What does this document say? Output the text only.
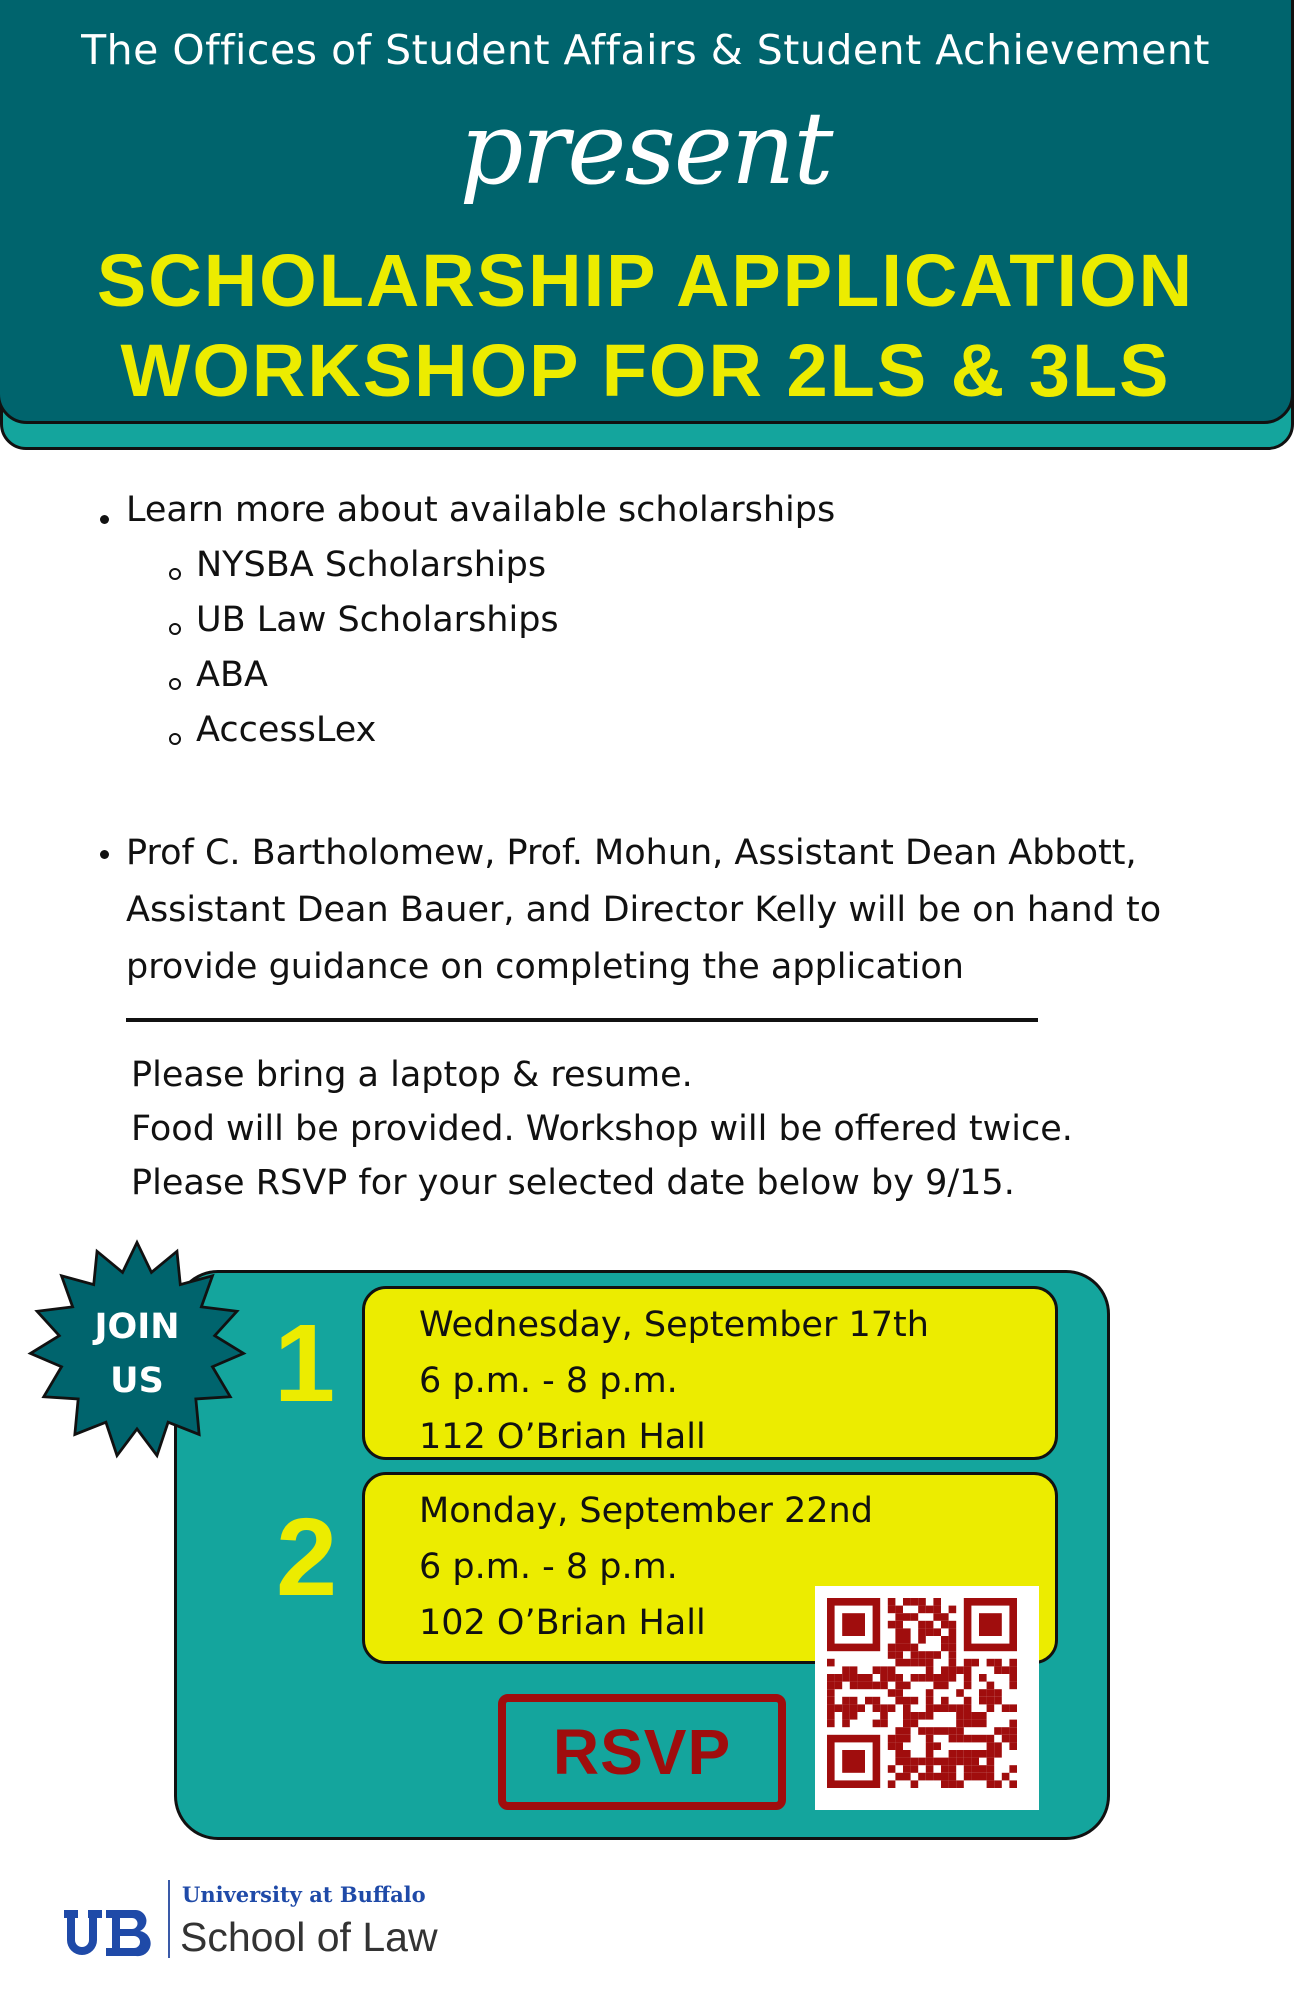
The Offices of Student Affairs & Student Achievement
present
SCHOLARSHIP APPLICATION
WORKSHOP FOR 2LS & 3LS
Learn more about available scholarships
NYSBA Scholarships
UB Law Scholarships
ABA
AccessLex
Prof C. Bartholomew, Prof. Mohun, Assistant Dean Abbott,
Assistant Dean Bauer, and Director Kelly will be on hand to
provide guidance on completing the application
Please bring a laptop & resume.
Food will be provided. Workshop will be offered twice.
Please RSVP for your selected date below by 9/15.
JOIN
US	1 Wednesday, September 17th
6 p.m. - 8 p.m.
112 O’Brian Hall
2 Monday, September 22nd
6 p.m. - 8 p.m.
102 O’Brian Hall
RSVP
University at Buffalo
School of Law
